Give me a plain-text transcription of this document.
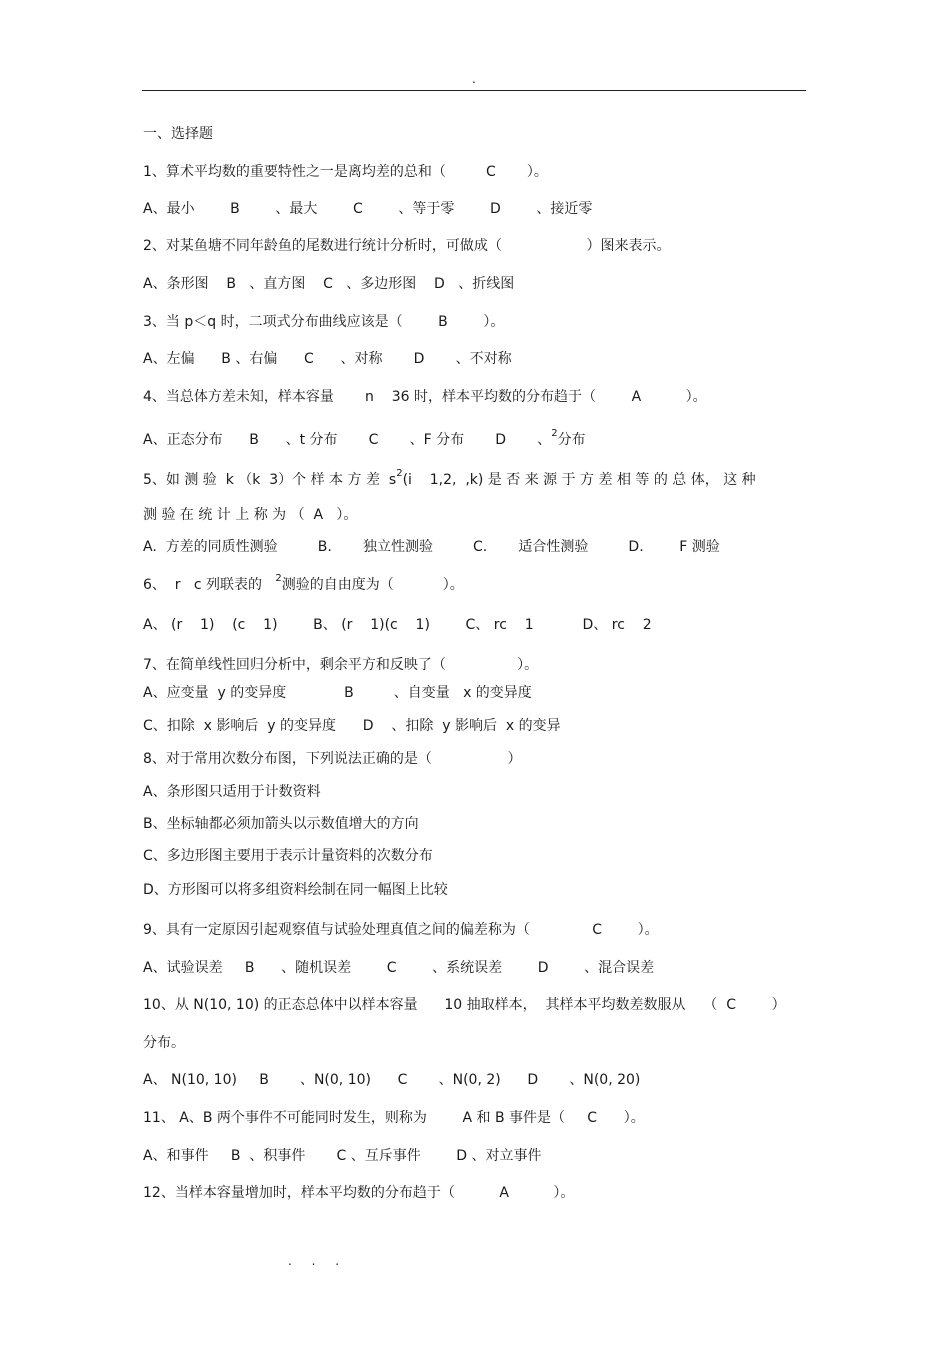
.
一、选择题
1、算术平均数的重要特性之一是离均差的总和（         C       ）。
A、最小        B        、最大        C        、等于零        D        、接近零
2、对某鱼塘不同年龄鱼的尾数进行统计分析时，可做成（                   ）图来表示。
A、条形图    B   、直方图    C   、多边形图    D   、折线图
3、当 p＜q 时，二项式分布曲线应该是（        B        ）。
A、左偏      B 、右偏      C      、对称       D       、不对称
4、当总体方差未知，样本容量       n    36 时，样本平均数的分布趋于（        A          ）。
A、正态分布      B      、t 分布       C       、F 分布       D       、$^2$分布
5、如 测 验  k （k  3）个 样 本 方 差  $s^2(i$    1,2,  ,k) 是 否 来 源 于 方 差 相 等 的 总 体， 这 种
测 验 在 统 计 上 称 为 （  A   ）。
A.  方差的同质性测验         B.       独立性测验         C.       适合性测验         D.        F 测验
6、  r   c 列联表的   $^2$测验的自由度为（           ）。
A、 (r    1)    (c    1)        B、 (r    1)(c    1)        C、 rc    1           D、 rc    2
7、在简单线性回归分析中，剩余平方和反映了（                ）。
A、应变量  y 的变异度             B         、自变量   x 的变异度
C、扣除  x 影响后  y 的变异度      D    、扣除  y 影响后  x 的变异
8、对于常用次数分布图，下列说法正确的是（                 ）
A、条形图只适用于计数资料
B、坐标轴都必须加箭头以示数值增大的方向
C、多边形图主要用于表示计量资料的次数分布
D、方形图可以将多组资料绘制在同一幅图上比较
9、具有一定原因引起观察值与试验处理真值之间的偏差称为（              C        ）。
A、试验误差     B      、随机误差        C        、系统误差        D        、混合误差
10、从 N(10, 10) 的正态总体中以样本容量      10 抽取样本，  其样本平均数差数服从    （  C        ）
分布。
A、 N(10, 10)     B       、N(0, 10)      C       、N(0, 2)      D       、N(0, 20)
11、 A、B 两个事件不可能同时发生，则称为        A 和 B 事件是（     C      ）。
A、和事件     B  、积事件       C 、互斥事件        D 、对立事件
12、当样本容量增加时，样本平均数的分布趋于（          A          ）。
. . .
